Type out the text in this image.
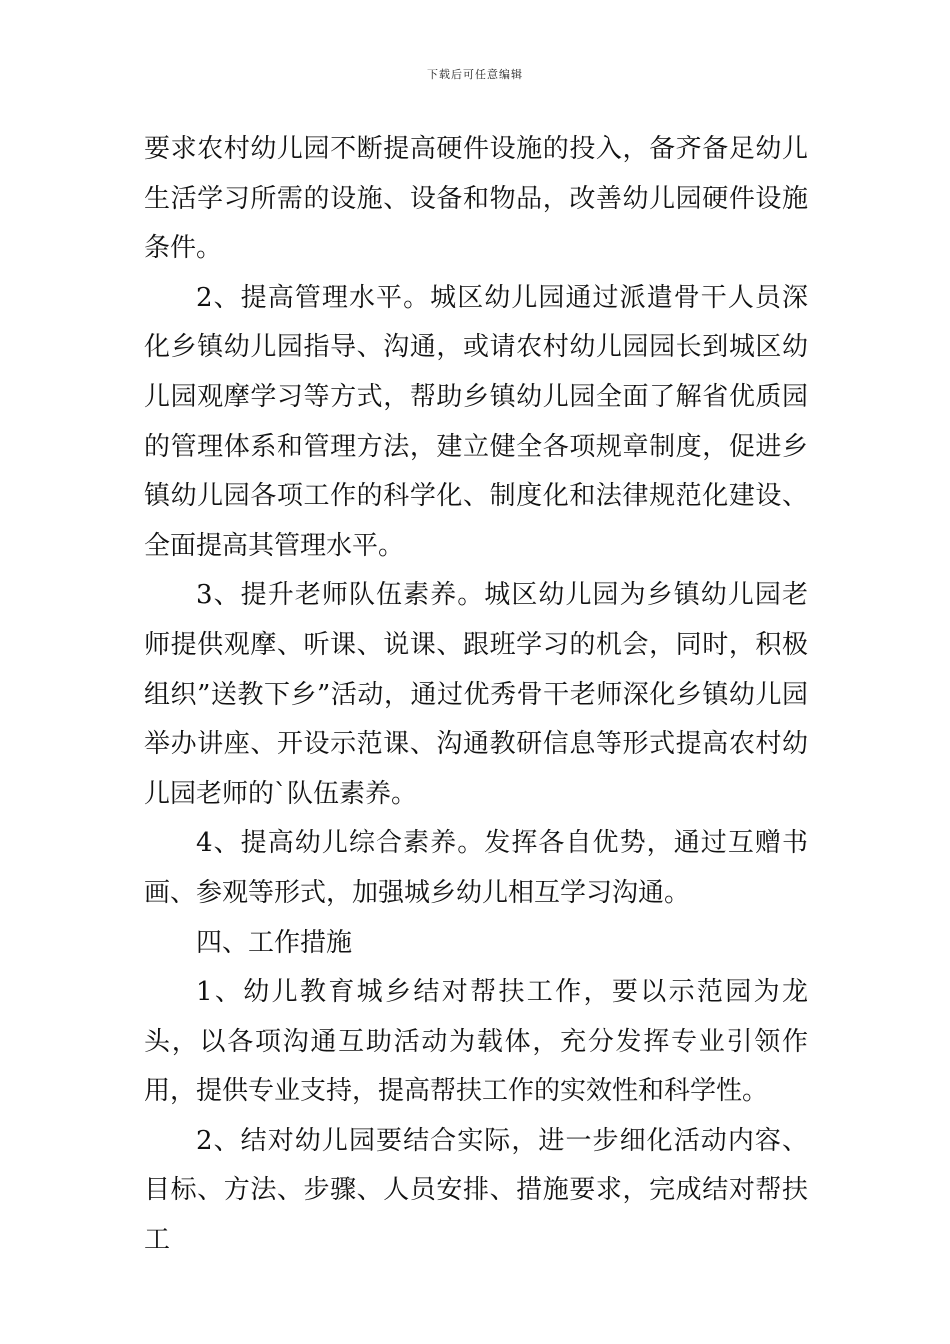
下载后可任意编辑

要求农村幼儿园不断提高硬件设施的投入，备齐备足幼儿生活学习所需的设施、设备和物品，改善幼儿园硬件设施条件。

2、提高管理水平。城区幼儿园通过派遣骨干人员深化乡镇幼儿园指导、沟通，或请农村幼儿园园长到城区幼儿园观摩学习等方式，帮助乡镇幼儿园全面了解省优质园的管理体系和管理方法，建立健全各项规章制度，促进乡镇幼儿园各项工作的科学化、制度化和法律规范化建设、全面提高其管理水平。

3、提升老师队伍素养。城区幼儿园为乡镇幼儿园老师提供观摩、听课、说课、跟班学习的机会，同时，积极组织”送教下乡”活动，通过优秀骨干老师深化乡镇幼儿园举办讲座、开设示范课、沟通教研信息等形式提高农村幼儿园老师的`队伍素养。

4、提高幼儿综合素养。发挥各自优势，通过互赠书画、参观等形式，加强城乡幼儿相互学习沟通。

四、工作措施

1、幼儿教育城乡结对帮扶工作，要以示范园为龙头，以各项沟通互助活动为载体，充分发挥专业引领作用，提供专业支持，提高帮扶工作的实效性和科学性。

2、结对幼儿园要结合实际，进一步细化活动内容、目标、方法、步骤、人员安排、措施要求，完成结对帮扶工
